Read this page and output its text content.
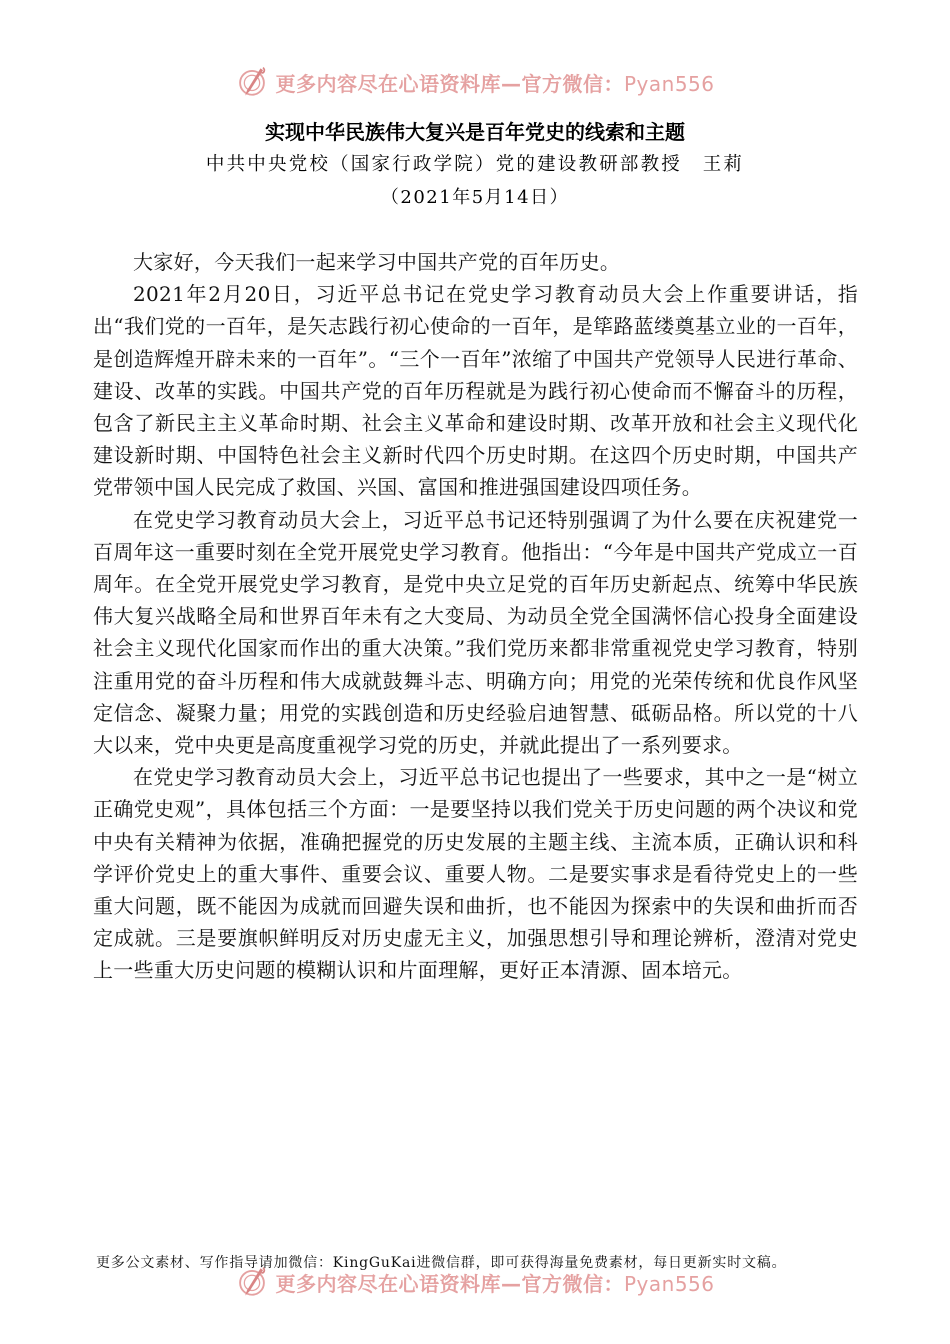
更多内容尽在心语资料库—官方微信：Pyan556
实现中华民族伟大复兴是百年党史的线索和主题
中共中央党校（国家行政学院）党的建设教研部教授　王莉
（2021年5月14日）

大家好，今天我们一起来学习中国共产党的百年历史。

2021年2月20日，习近平总书记在党史学习教育动员大会上作重要讲话，指出“我们党的一百年，是矢志践行初心使命的一百年，是筚路蓝缕奠基立业的一百年，是创造辉煌开辟未来的一百年”。“三个一百年”浓缩了中国共产党领导人民进行革命、建设、改革的实践。中国共产党的百年历程就是为践行初心使命而不懈奋斗的历程，包含了新民主主义革命时期、社会主义革命和建设时期、改革开放和社会主义现代化建设新时期、中国特色社会主义新时代四个历史时期。在这四个历史时期，中国共产党带领中国人民完成了救国、兴国、富国和推进强国建设四项任务。

在党史学习教育动员大会上，习近平总书记还特别强调了为什么要在庆祝建党一百周年这一重要时刻在全党开展党史学习教育。他指出：“今年是中国共产党成立一百周年。在全党开展党史学习教育，是党中央立足党的百年历史新起点、统筹中华民族伟大复兴战略全局和世界百年未有之大变局、为动员全党全国满怀信心投身全面建设社会主义现代化国家而作出的重大决策。”我们党历来都非常重视党史学习教育，特别注重用党的奋斗历程和伟大成就鼓舞斗志、明确方向；用党的光荣传统和优良作风坚定信念、凝聚力量；用党的实践创造和历史经验启迪智慧、砥砺品格。所以党的十八大以来，党中央更是高度重视学习党的历史，并就此提出了一系列要求。

在党史学习教育动员大会上，习近平总书记也提出了一些要求，其中之一是“树立正确党史观”，具体包括三个方面：一是要坚持以我们党关于历史问题的两个决议和党中央有关精神为依据，准确把握党的历史发展的主题主线、主流本质，正确认识和科学评价党史上的重大事件、重要会议、重要人物。二是要实事求是看待党史上的一些重大问题，既不能因为成就而回避失误和曲折，也不能因为探索中的失误和曲折而否定成就。三是要旗帜鲜明反对历史虚无主义，加强思想引导和理论辨析，澄清对党史上一些重大历史问题的模糊认识和片面理解，更好正本清源、固本培元。

更多公文素材、写作指导请加微信：KingGuKai进微信群，即可获得海量免费素材，每日更新实时文稿。
更多内容尽在心语资料库—官方微信：Pyan556
